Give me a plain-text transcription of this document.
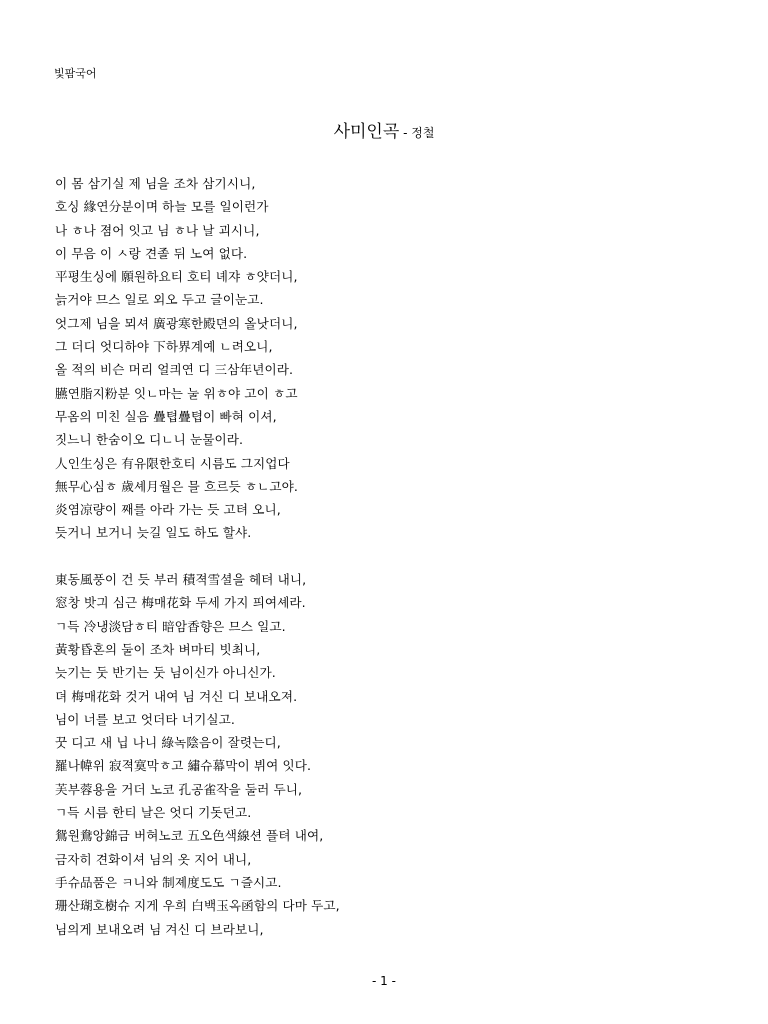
빛팜국어
사미인곡 - 정철
이 몸 삼기실 제 님을 조차 삼기시니,
호싱 緣연分분이며 하늘 모를 일이런가
나 ㅎ나 졈어 잇고 님 ㅎ나 날 괴시니,
이 무음 이 ㅅ랑 견졸 뒤 노여 없다.
平평生싱에 願원하요티 호티 녜쟈 ㅎ얏더니,
늙거야 므스 일로 외오 두고 글이눈고.
엇그제 님을 뫼셔 廣광寒한殿뎐의 올낫더니,
그 더디 엇디하야 下하界계예 ㄴ려오니,
올 적의 비슨 머리 얼킈연 디 三삼年년이라.
臙연脂지粉분 잇ㄴ마는 눌 위ㅎ야 고이 ㅎ고
무옴의 미친 실음 疊텹疊텹이 빠혀 이셔,
짓느니 한숨이오 디ㄴ니 눈물이라.
人인生싱은 有유限한호티 시름도 그지업다
無무心심ㅎ 歲셰月월은 믈 흐르듯 ㅎㄴ고야.
炎염凉량이 째를 아라 가는 듯 고텨 오니,
듯거니 보거니 늣길 일도 하도 할샤.
東동風풍이 건 듯 부러 積젹雪셜을 헤텨 내니,
窓창 밧긔 심근 梅매花화 두세 가지 픠여셰라.
ㄱ득 冷냉淡담ㅎ티 暗암香향은 므스 일고.
黃황昏혼의 둘이 조차 벼마티 빗최니,
늣기는 둣 반기는 둣 님이신가 아니신가.
뎌 梅매花화 것거 내여 님 겨신 디 보내오져.
님이 너를 보고 엇더타 너기실고.
꿋 디고 새 닙 나니 綠녹陰음이 잘렷는디,
羅나幃위 寂젹寞막ㅎ고 繡슈幕막이 뷔여 잇다.
芙부蓉용을 거더 노코 孔공雀작을 둘러 두니,
ㄱ득 시름 한티 날은 엇디 기돗던고.
鴛원鴦앙錦금 버혀노코 五오色색線션 플텨 내여,
금자히 견화이셔 님의 옷 지어 내니,
手슈品품은 ㅋ니와 制졔度도도 ㄱ즐시고.
珊산瑚호樹슈 지게 우희 白백玉옥函함의 다마 두고,
님의게 보내오려 님 겨신 디 브라보니,
- 1 -
